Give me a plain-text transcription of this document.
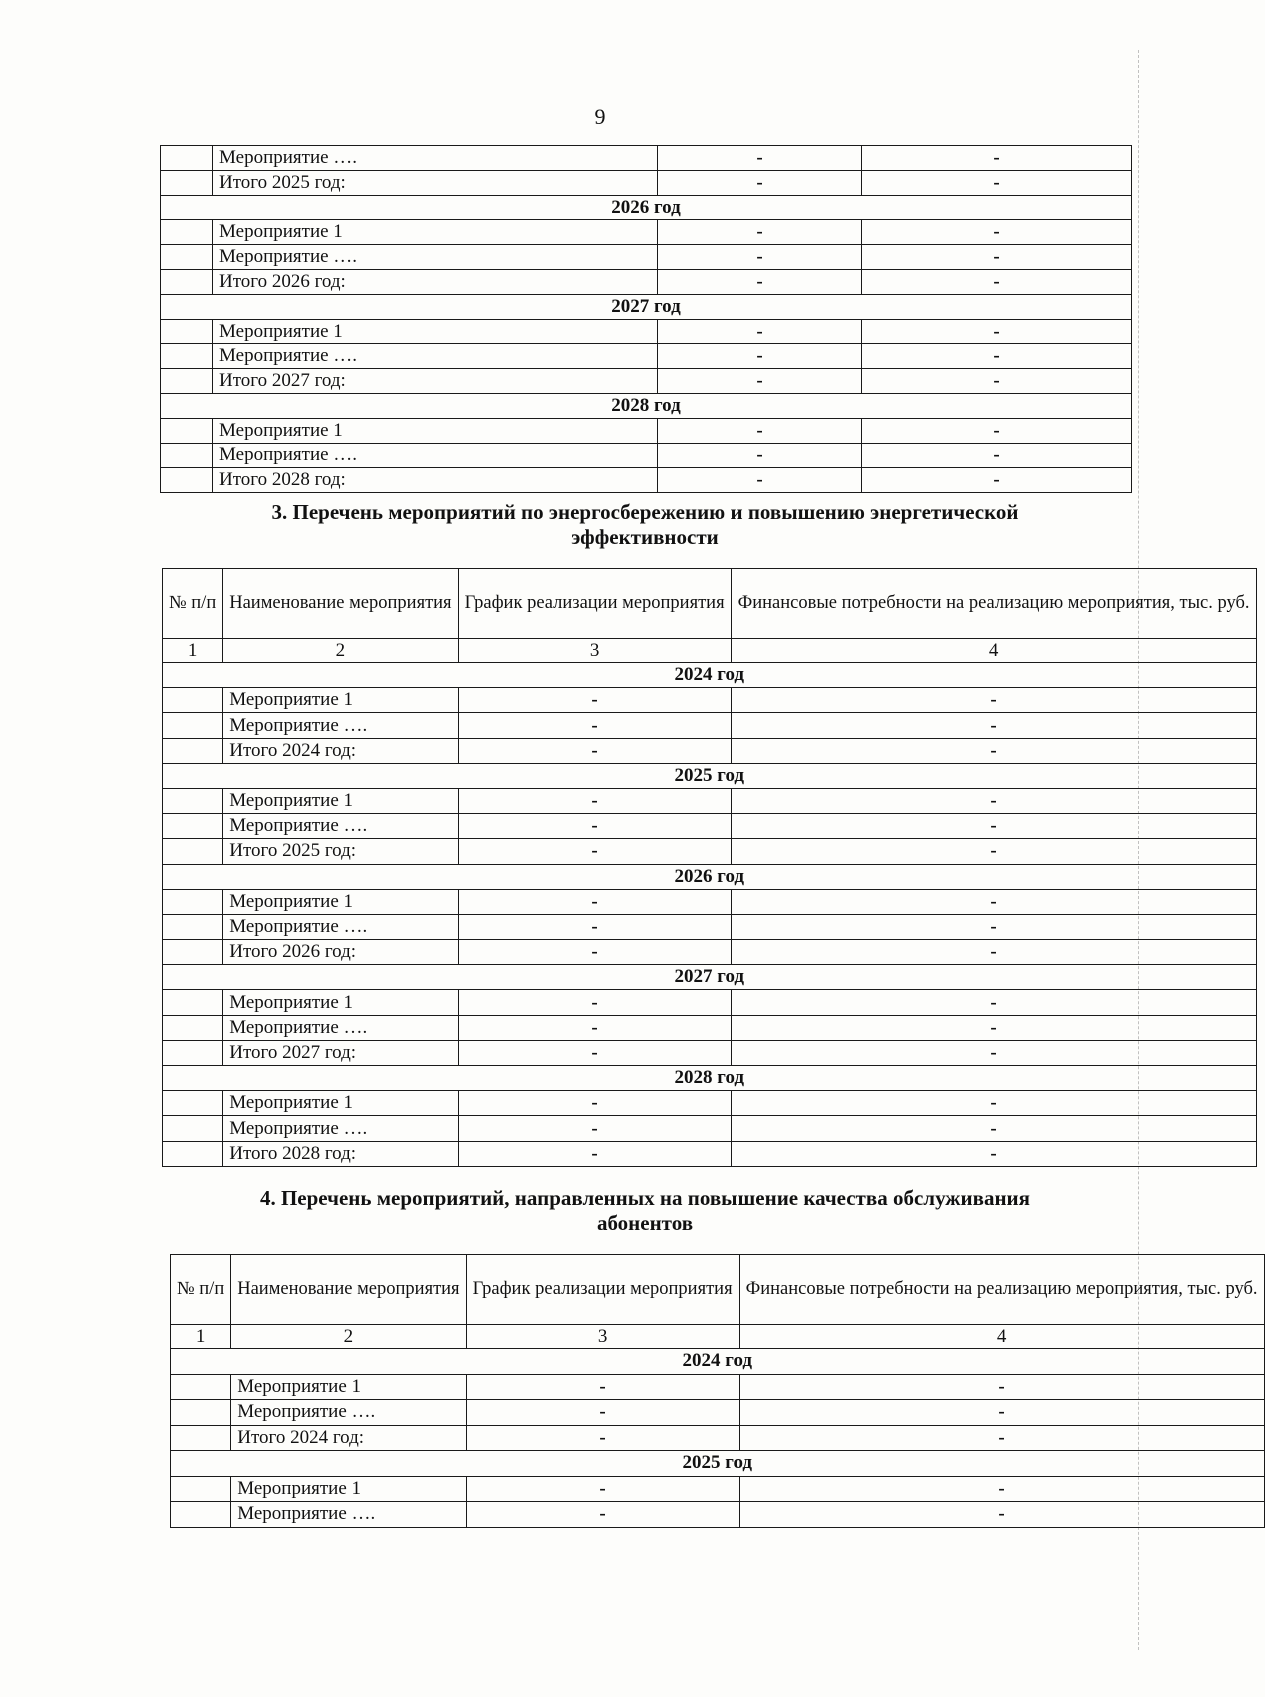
9
	Мероприятие ….	-	-
	Итого 2025 год:	-	-
2026 год			
	Мероприятие 1	-	-
	Мероприятие ….	-	-
	Итого 2026 год:	-	-
2027 год			
	Мероприятие 1	-	-
	Мероприятие ….	-	-
	Итого 2027 год:	-	-
2028 год			
	Мероприятие 1	-	-
	Мероприятие ….	-	-
	Итого 2028 год:	-	-
3. Перечень мероприятий по энергосбережению и повышению энергетической
эффективности
№ п/п	Наименование мероприятия	График реализации мероприятия	Финансовые потребности на реализацию мероприятия, тыс. руб.
1	2	3	4
2024 год			
	Мероприятие 1	-	-
	Мероприятие ….	-	-
	Итого 2024 год:	-	-
2025 год			
	Мероприятие 1	-	-
	Мероприятие ….	-	-
	Итого 2025 год:	-	-
2026 год			
	Мероприятие 1	-	-
	Мероприятие ….	-	-
	Итого 2026 год:	-	-
2027 год			
	Мероприятие 1	-	-
	Мероприятие ….	-	-
	Итого 2027 год:	-	-
2028 год			
	Мероприятие 1	-	-
	Мероприятие ….	-	-
	Итого 2028 год:	-	-
4. Перечень мероприятий, направленных на повышение качества обслуживания
абонентов
№ п/п	Наименование мероприятия	График реализации мероприятия	Финансовые потребности на реализацию мероприятия, тыс. руб.
1	2	3	4
2024 год			
	Мероприятие 1	-	-
	Мероприятие ….	-	-
	Итого 2024 год:	-	-
2025 год			
	Мероприятие 1	-	-
	Мероприятие ….	-	-
